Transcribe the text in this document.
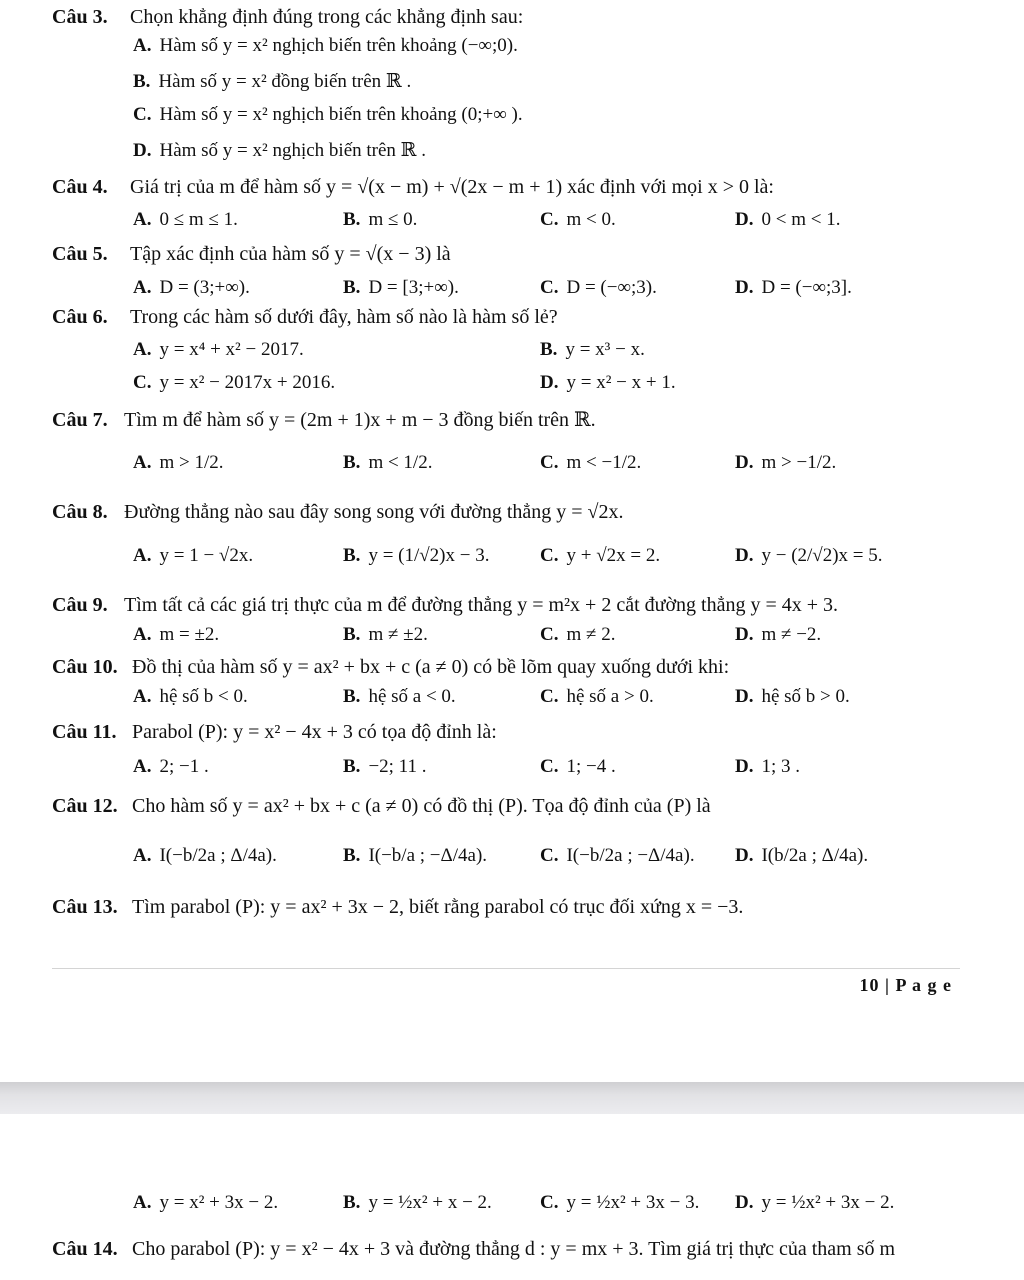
Câu 3. Chọn khẳng định đúng trong các khẳng định sau:
A. Hàm số y = x² nghịch biến trên khoảng (−∞;0).
B. Hàm số y = x² đồng biến trên ℝ .
C. Hàm số y = x² nghịch biến trên khoảng (0;+∞ ).
D. Hàm số y = x² nghịch biến trên ℝ .
Câu 4. Giá trị của m để hàm số y = √(x − m) + √(2x − m + 1) xác định với mọi x > 0 là:
A. 0 ≤ m ≤ 1.	B. m ≤ 0.	C. m < 0.	D. 0 < m < 1.
Câu 5. Tập xác định của hàm số y = √(x − 3) là
A. D = (3;+∞).	B. D = [3;+∞).	C. D = (−∞;3).	D. D = (−∞;3].
Câu 6. Trong các hàm số dưới đây, hàm số nào là hàm số lẻ?
A. y = x⁴ + x² − 2017.	B. y = x³ − x.
C. y = x² − 2017x + 2016.	D. y = x² − x + 1.
Câu 7. Tìm m để hàm số y = (2m + 1)x + m − 3 đồng biến trên ℝ.
A. m > 1/2.	B. m < 1/2.	C. m < −1/2.	D. m > −1/2.
Câu 8. Đường thẳng nào sau đây song song với đường thẳng y = √2x.
A. y = 1 − √2x.	B. y = (1/√2)x − 3.	C. y + √2x = 2.	D. y − (2/√2)x = 5.
Câu 9. Tìm tất cả các giá trị thực của m để đường thẳng y = m²x + 2 cắt đường thẳng y = 4x + 3.
A. m = ±2.	B. m ≠ ±2.	C. m ≠ 2.	D. m ≠ −2.
Câu 10. Đồ thị của hàm số y = ax² + bx + c (a ≠ 0) có bề lõm quay xuống dưới khi:
A. hệ số b < 0.	B. hệ số a < 0.	C. hệ số a > 0.	D. hệ số b > 0.
Câu 11. Parabol (P): y = x² − 4x + 3 có tọa độ đỉnh là:
A. 2; −1 .	B. −2; 11 .	C. 1; −4 .	D. 1; 3 .
Câu 12. Cho hàm số y = ax² + bx + c (a ≠ 0) có đồ thị (P). Tọa độ đỉnh của (P) là
A. I(−b/2a ; Δ/4a).	B. I(−b/a ; −Δ/4a).	C. I(−b/2a ; −Δ/4a). D. I(b/2a ; Δ/4a).
Câu 13. Tìm parabol (P): y = ax² + 3x − 2, biết rằng parabol có trục đối xứng x = −3.
10 | P a g e
A. y = x² + 3x − 2.	B. y = ½x² + x − 2.	C. y = ½x² + 3x − 3. D. y = ½x² + 3x − 2.
Câu 14. Cho parabol (P): y = x² − 4x + 3 và đường thẳng d : y = mx + 3. Tìm giá trị thực của tham số m
